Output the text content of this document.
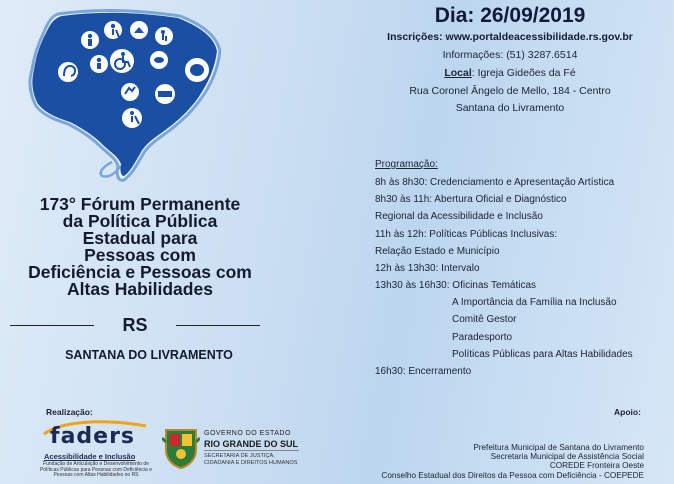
173° Fórum Permanente
da Política Pública
Estadual para
Pessoas com
Deficiência e Pessoas com
Altas Habilidades
RS
SANTANA DO LIVRAMENTO
Dia: 26/09/2019
Inscrições: www.portaldeacessibilidade.rs.gov.br
Informações: (51) 3287.6514
Local: Igreja Gideões da Fé
Rua Coronel Ângelo de Mello, 184 - Centro
Santana do Livramento
Programação:
8h às 8h30: Credenciamento e Apresentação Artística
8h30 às 11h: Abertura Oficial e Diagnóstico
Regional da Acessibilidade e Inclusão
11h às 12h: Políticas Públicas Inclusivas:
Relação Estado e Município
12h às 13h30: Intervalo
13h30 às 16h30: Oficinas Temáticas
A Importância da Família na Inclusão
Comitê Gestor
Paradesporto
Políticas Públicas para Altas Habilidades
16h30: Encerramento
Realização:
faders
Acessibilidade e Inclusão
Fundação de Articulação e Desenvolvimento de Políticas Públicas para Pessoas com Deficiência e Pessoas com Altas Habilidades no RS
GOVERNO DO ESTADO
RIO GRANDE DO SUL
SECRETARIA DE JUSTIÇA,
CIDADANIA E DIREITOS HUMANOS
Apoio:
Prefeitura Municipal de Santana do Livramento
Secretaria Municipal de Assistência Social
COREDE Fronteira Oeste
Conselho Estadual dos Direitos da Pessoa com Deficiência - COEPEDE
